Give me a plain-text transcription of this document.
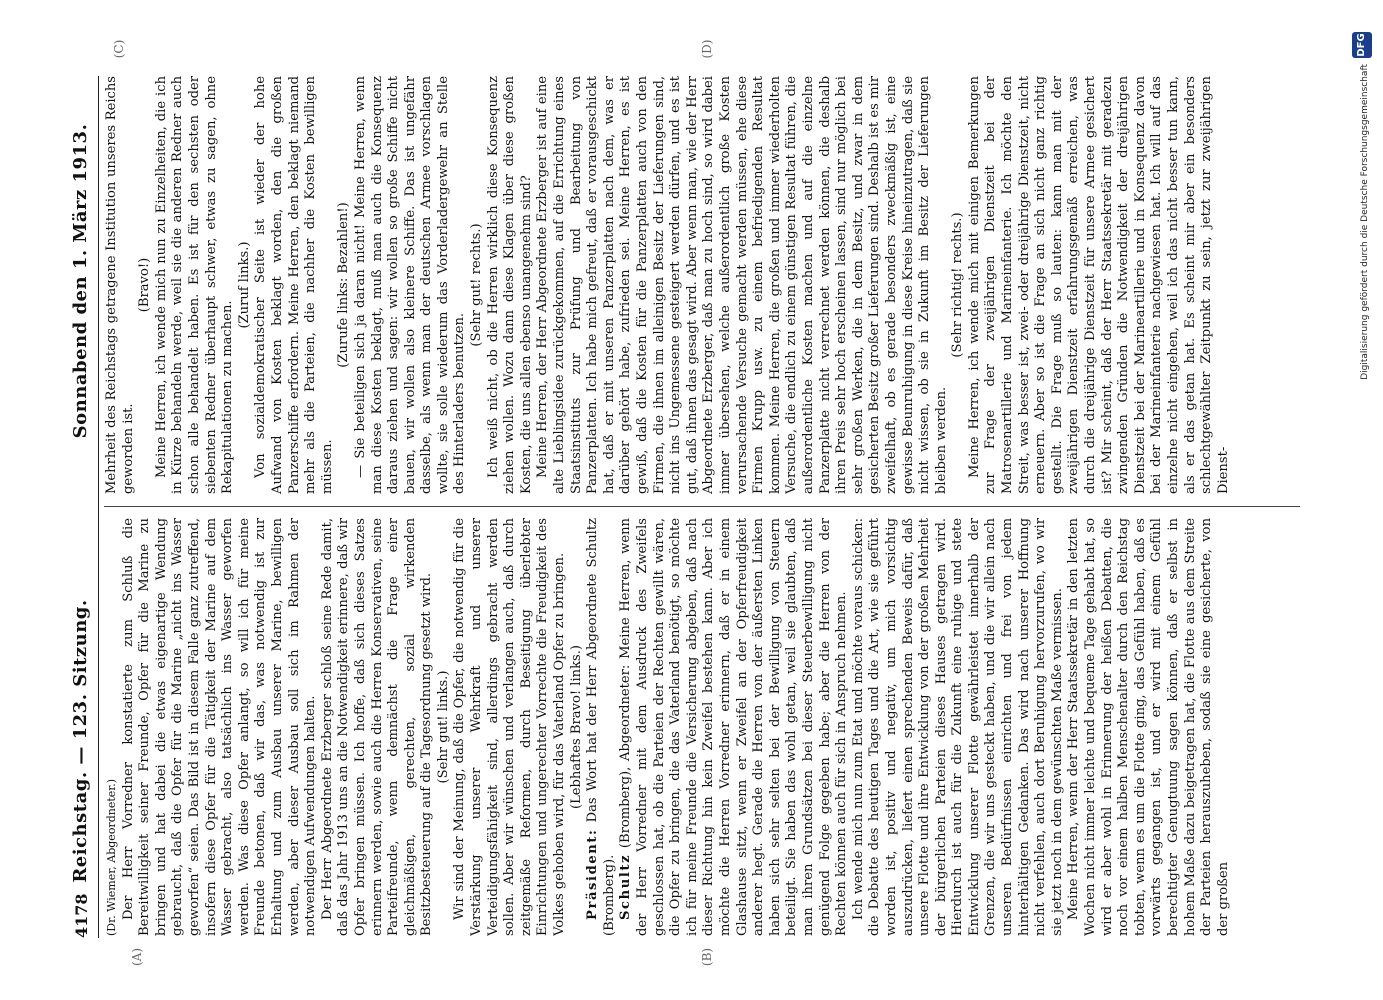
4178
Reichstag. — 123. Sitzung.
Sonnabend den 1. März 1913.
(A)	(B)
(C)	(D)

(Dr. Wiemer, Abgeordneter.) Der Herr Vorredner konstatierte zum Schluß die Bereitwilligkeit seiner Freunde, Opfer für die Marine zu bringen und hat dabei die etwas eigenartige Wendung gebraucht, daß die Opfer für die Marine „nicht ins Wasser geworfen“ seien. Das Bild ist in diesem Falle ganz zutreffend, insofern diese Opfer für die Tätigkeit der Marine auf dem Wasser gebracht, also tatsächlich ins Wasser geworfen werden. Was diese Opfer anlangt, so will ich für meine Freunde betonen, daß wir das, was notwendig ist zur Erhaltung und zum Ausbau unserer Marine, bewilligen werden, aber dieser Ausbau soll sich im Rahmen der notwendigen Aufwendungen halten. Der Herr Abgeordnete Erzberger schloß seine Rede damit, daß das Jahr 1913 uns an die Notwendigkeit erinnere, daß wir Opfer bringen müssen. Ich hoffe, daß sich dieses Satzes erinnern werden, sowie auch die Herren Konservativen, seine Parteifreunde, wenn demnächst die Frage einer gleichmäßigen, gerechten, sozial wirkenden Besitzbesteuerung auf die Tagesordnung gesetzt wird. (Sehr gut! links.) Wir sind der Meinung, daß die Opfer, die notwendig für die Verstärkung unserer Wehrkraft und unserer Verteidigungsfähigkeit sind, allerdings gebracht werden sollen. Aber wir wünschen und verlangen auch, daß durch zeitgemäße Reformen, durch Beseitigung überlebter Einrichtungen und ungerechter Vorrechte die Freudigkeit des Volkes gehoben wird, für das Vaterland Opfer zu bringen. (Lebhaftes Bravo! links.)

Präsident: Das Wort hat der Herr Abgeordnete Schultz (Bromberg). Schultz (Bromberg), Abgeordneter: Meine Herren, wenn der Herr Vorredner mit dem Ausdruck des Zweifels geschlossen hat, ob die Parteien der Rechten gewillt wären, die Opfer zu bringen, die das Vaterland benötigt, so möchte ich für meine Freunde die Versicherung abgeben, daß nach dieser Richtung hin kein Zweifel bestehen kann. Aber ich möchte die Herren Vorredner erinnern, daß er in einem Glashause sitzt, wenn er Zweifel an der Opferfreudigkeit anderer hegt. Gerade die Herren von der äußersten Linken haben sich sehr selten bei der Bewilligung von Steuern beteiligt. Sie haben das wohl getan, weil sie glaubten, daß man ihren Grundsätzen bei dieser Steuerbewilligung nicht genügend Folge gegeben habe; aber die Herren von der Rechten können auch für sich in Anspruch nehmen. Ich wende mich nun zum Etat und möchte voraus schicken: die Debatte des heutigen Tages und die Art, wie sie geführt worden ist, positiv und negativ, um mich vorsichtig auszudrücken, liefert einen sprechenden Beweis dafür, daß unsere Flotte und ihre Entwicklung von der großen Mehrheit der bürgerlichen Parteien dieses Hauses getragen wird. Hierdurch ist auch für die Zukunft eine ruhige und stete Entwicklung unserer Flotte gewährleistet innerhalb der Grenzen, die wir uns gesteckt haben, und die wir allein nach unseren Bedürfnissen einrichten und frei von jedem hinterhältigen Gedanken. Das wird nach unserer Hoffnung nicht verfehlen, auch dort Beruhigung hervorzurufen, wo wir sie jetzt noch in dem gewünschten Maße vermissen. Meine Herren, wenn der Herr Staatssekretär in den letzten Wochen nicht immer leichte und bequeme Tage gehabt hat, so wird er aber wohl in Erinnerung der heißen Debatten, die noch vor einem halben Menschenalter durch den Reichstag tobten, wenn es um die Flotte ging, das Gefühl haben, daß es vorwärts gegangen ist, und er wird mit einem Gefühl berechtigter Genugtuung sagen können, daß er selbst in hohem Maße dazu beigetragen hat, die Flotte aus dem Streite der Parteien herauszuheben, sodaß sie eine gesicherte, von der großen

Mehrheit des Reichstags getragene Institution unseres Reichs geworden ist.

(Bravo!) Meine Herren, ich wende mich nun zu Einzelheiten, die ich in Kürze behandeln werde, weil sie die anderen Redner auch schon alle behandelt haben. Es ist für den sechsten oder siebenten Redner überhaupt schwer, etwas zu sagen, ohne Rekapitulationen zu machen.

(Zuruf links.) Von sozialdemokratischer Seite ist wieder der hohe Aufwand von Kosten beklagt worden, den die großen Panzerschiffe erfordern. Meine Herren, den beklagt niemand mehr als die Parteien, die nachher die Kosten bewilligen müssen.

(Zurufe links: Bezahlen!) — Sie beteiligen sich ja daran nicht! Meine Herren, wenn man diese Kosten beklagt, muß man auch die Konsequenz daraus ziehen und sagen: wir wollen so große Schiffe nicht bauen, wir wollen also kleinere Schiffe. Das ist ungefähr dasselbe, als wenn man der deutschen Armee vorschlagen wollte, sie solle wiederum das Vorderladergewehr an Stelle des Hinterladers benutzen.

(Sehr gut! rechts.) Ich weiß nicht, ob die Herren wirklich diese Konsequenz ziehen wollen. Wozu dann diese Klagen über diese großen Kosten, die uns allen ebenso unangenehm sind? Meine Herren, der Herr Abgeordnete Erzberger ist auf eine alte Lieblingsidee zurückgekommen, auf die Errichtung eines Staatsinstituts zur Prüfung und Bearbeitung von Panzerplatten. Ich habe mich gefreut, daß er vorausgeschickt hat, daß er mit unseren Panzerplatten nach dem, was er darüber gehört habe, zufrieden sei. Meine Herren, es ist gewiß, daß die Kosten für die Panzerplatten auch von den Firmen, die ihnen im alleinigen Besitz der Lieferungen sind, nicht ins Ungemessene gesteigert werden dürfen, und es ist gut, daß ihnen das gesagt wird. Aber wenn man, wie der Herr Abgeordnete Erzberger, daß man zu hoch sind, so wird dabei immer übersehen, welche außerordentlich große Kosten verursachende Versuche gemacht werden müssen, ehe diese Firmen Krupp usw. zu einem befriedigenden Resultat kommen. Meine Herren, die großen und immer wiederholten Versuche, die endlich zu einem günstigen Resultat führen, die außerordentliche Kosten machen und auf die einzelne Panzerplatte nicht verrechnet werden können, die deshalb ihren Preis sehr hoch erscheinen lassen, sind nur möglich bei sehr großen Werken, die in dem Besitz, und zwar in dem gesicherten Besitz großer Lieferungen sind. Deshalb ist es mir zweifelhaft, ob es gerade besonders zweckmäßig ist, eine gewisse Beunruhigung in diese Kreise hineinzutragen, daß sie nicht wissen, ob sie in Zukunft im Besitz der Lieferungen bleiben werden.

(Sehr richtig! rechts.) Meine Herren, ich wende mich mit einigen Bemerkungen zur Frage der zweijährigen Dienstzeit bei der Matrosenartillerie und Marineinfanterie. Ich möchte den Streit, was besser ist, zwei- oder dreijährige Dienstzeit, nicht erneuern. Aber so ist die Frage an sich nicht ganz richtig gestellt. Die Frage muß so lauten: kann man mit der zweijährigen Dienstzeit erfahrungsgemäß erreichen, was durch die dreijährige Dienstzeit für unsere Armee gesichert ist? Mir scheint, daß der Herr Staatssekretär mit geradezu zwingenden Gründen die Notwendigkeit der dreijährigen Dienstzeit bei der Marineartillerie und in Konsequenz davon bei der Marineinfanterie nachgewiesen hat. Ich will auf das einzelne nicht eingehen, weil ich das nicht besser tun kann, als er das getan hat. Es scheint mir aber ein besonders schlechtgewählter Zeitpunkt zu sein, jetzt zur zweijährigen Dienst-

Digitalisierung gefördert durch die Deutsche Forschungsgemeinschaft
DFG
